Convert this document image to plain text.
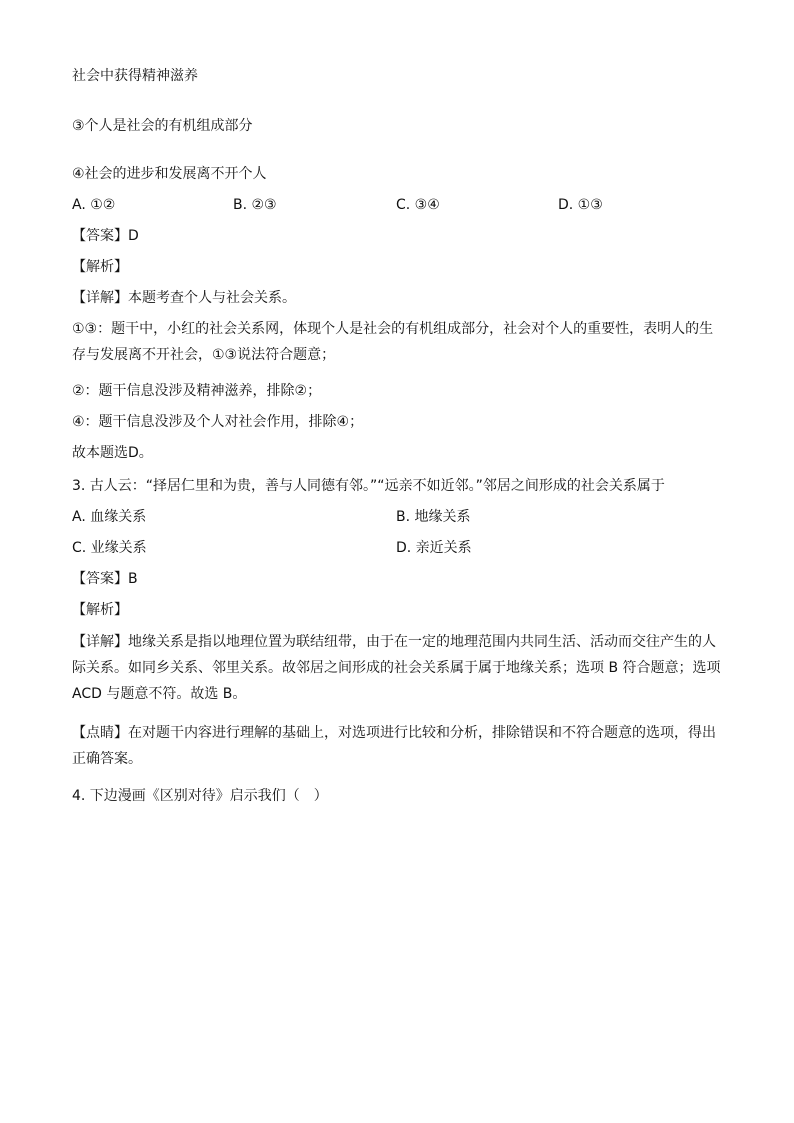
社会中获得精神滋养
③个人是社会的有机组成部分
④社会的进步和发展离不开个人
A. ①②	B. ②③	C. ③④	D. ①③
【答案】D
【解析】
【详解】本题考查个人与社会关系。
①③：题干中，小红的社会关系网，体现个人是社会的有机组成部分，社会对个人的重要性，表明人的生存与发展离不开社会，①③说法符合题意；
②：题干信息没涉及精神滋养，排除②；
④：题干信息没涉及个人对社会作用，排除④；
故本题选D。
3. 古人云：“择居仁里和为贵，善与人同德有邻。”“远亲不如近邻。”邻居之间形成的社会关系属于
A. 血缘关系	B. 地缘关系
C. 业缘关系	D. 亲近关系
【答案】B
【解析】
【详解】地缘关系是指以地理位置为联结纽带，由于在一定的地理范围内共同生活、活动而交往产生的人际关系。如同乡关系、邻里关系。故邻居之间形成的社会关系属于属于地缘关系；选项 B 符合题意；选项 ACD 与题意不符。故选 B。
【点睛】在对题干内容进行理解的基础上，对选项进行比较和分析，排除错误和不符合题意的选项，得出正确答案。
4. 下边漫画《区别对待》启示我们（　）
